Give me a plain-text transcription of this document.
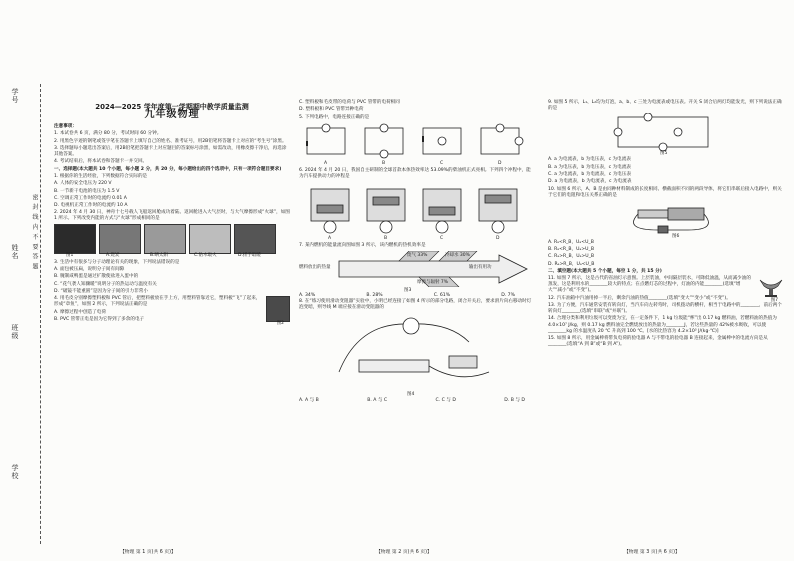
学校
班级
姓名
学号
密 封 线 内 不 要 答 题
2024—2025 学年度第一学期期中教学质量监测
九年级物理

注意事项：

1. 本试卷共 6 页，满分 80 分，考试时间 60 分钟。

2. 用黑色字迹的钢笔或签字笔在答题卡上填写自己的姓名、准考证号，用2B铅笔将答题卡上对应的“考生号”涂黑。

3. 选择题每小题选出答案后，用2B铅笔把答题卡上对应题目的答案标号涂黑，如需改动，用橡皮擦干净后，再选涂其他答案。

4. 考试结束后，将本试卷和答题卡一并交回。

一、选择题(本大题共 10 个小题，每小题 2 分，共 20 分，每小题给出的四个选项中，只有一项符合题目要求)

1. 根据你的生活经验，下列数据符合实际的是

A. 人体的安全电压为 220 V

B. 一节新干电池的电压为 1.5 V

C. 空调正常工作时的电流约 0.01 A

D. 电视机正常工作时的电流约 10 A

2. 2024 年 4 月 30 日，神舟十七号载人飞船返回舱成功着陆。返回舱进入大气层时，与大气摩擦形成“火球”，如图 1 所示。下列改变内能的方式与“火球”形成相同的是

图1	A.烧炭	B.晒太阳	C.钻木取火	D.搓手取暖

3. 生活中有很多与分子动理论有关的现象，下列说法错误的是

A. 面包被压扁，说明分子间有间隙

B. 腌制咸鸭蛋是通过扩散使盐进入蛋中的

C. “花气袭人知骤暖”说明分子的热运动与温度有关

D. “破镜不能重圆”是因为分子间的引力非常小

4. 用毛皮分别摩擦塑料板和 PVC 管后，把塑料板放在手上方，用塑料管靠近它，塑料板“飞”了起来，形成“章鱼”，如图 2 所示，下列说法正确的是

图2

A. 摩擦过程中创造了电荷

B. PVC 管带正电是因为它得到了多余的电子

【物理 第 1 页(共 6 页)】

C. 塑料板和毛皮带的电荷与 PVC 管带的电荷相同

D. 塑料板和 PVC 管带异种电荷

5. 下列电路中，电路连接正确的是

A	B	C	D

6. 2024 年 4 月 20 日，我国自主研制的全球首款本体热效率达 53.09%的柴油机正式亮相。下列四个冲程中，能为汽车提供动力的冲程是

A	B	C	D

7. 某内燃机的能量流向图如图 3 所示，该内燃机的热机效率是

燃料放出的热量
废气 33%	冷却水 30%
摩擦与辐射 7%
输出有用功
图3
A. 34%	B. 28%	C. 61%	D. 7%

8. 在“练习使用滑动变阻器”实验中，小明已经连接了如图 4 所示的部分电路，闭合开关后，要求滑片向右移动时灯泡变暗，则导线 M 端应接在滑动变阻器的

图4
A. A 与 B	B. A 与 C	C. C 与 D	D. B 与 D
【物理 第 2 页(共 6 页)】

9. 如图 5 所示，L₁、L₂均为灯泡，a、b、c 三处为电流表或电压表。开关 S 闭合后两灯均能发光，则下列说法正确的是

图5

A. a 为电流表，b 为电压表，c 为电流表

B. a 为电压表，b 为电压表，c 为电流表

C. a 为电流表，b 为电流表，c 为电压表

D. a 为电流表，b 为电流表，c 为电流表

10. 如图 6 所示，A、B 是由同种材料制成的长度相同、横截面积不同的两段导体，将它们串联后接入电路中，则关于它们的电阻和电压关系正确的是

图6

A. Rₐ<R_B，Uₐ<U_B

B. Rₐ<R_B，Uₐ>U_B

C. Rₐ>R_B，Uₐ>U_B

D. Rₐ>R_B，Uₐ<U_B

二、填空题(本大题共 5 个小题，每空 1 分，共 15 分)

11. 如图 7 所示，这是古代的省油灯示意图。上层装油，中间隔层装水，可降低油温，从而减少油的蒸发，这是利用水的________较大的特点；在点燃灯芯的过程中，灯油的内能________(选填“增大”“减小”或“不变”)。

图7

12. 汽车油箱中汽油用掉一半后，剩余汽油的热值________(选填“变大”“变小”或“不变”)。

13. 为了方便，汽车通常安装有转向灯，当汽车向左转弯时，司机拨动的横杆，相当于电路中的________，前后两个转向灯________(选填“串联”或“并联”)。

14. 合理分类和利用垃圾可以变废为宝，在一定条件下，1 kg 垃圾能“榨”出 0.17 kg 燃料油，若燃料油的热值为 4.0×10⁷ J/kg，则 0.17 kg 燃料油完全燃烧放出的热量为________J，若这些热量的 42%被水吸收，可以使________kg 的水温度从 20 ℃ 升高到 100 ℃。[水的比热容为 4.2×10³ J/(kg·℃)]

15. 如图 8 所示，用金属棒将带负电荷的验电器 A 与不带电的验电器 B 连接起来，金属棒中的电流方向是从________(选填“A 到 B”或“B 到 A”)。

【物理 第 3 页(共 6 页)】
